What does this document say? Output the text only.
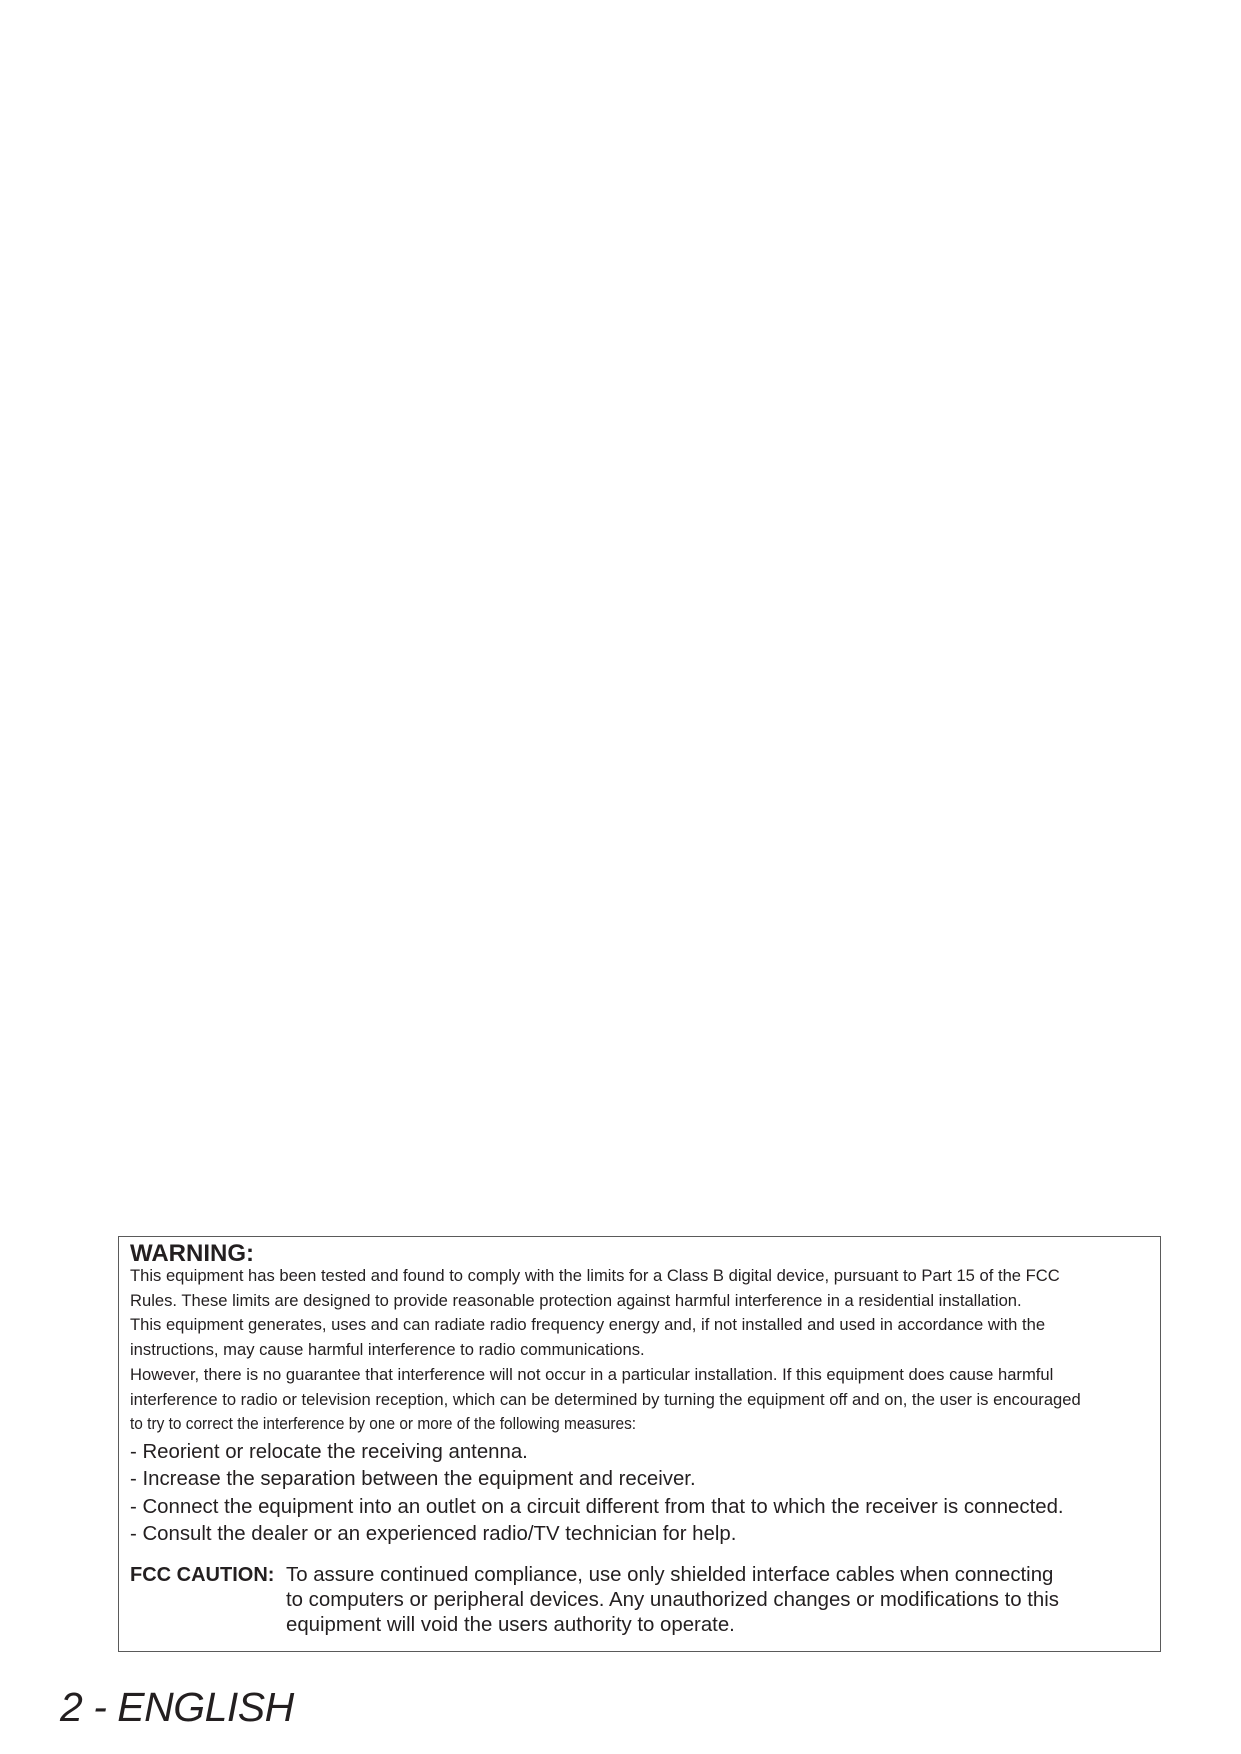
WARNING:
This equipment has been tested and found to comply with the limits for a Class B digital device, pursuant to Part 15 of the FCC
Rules. These limits are designed to provide reasonable protection against harmful interference in a residential installation.
This equipment generates, uses and can radiate radio frequency energy and, if not installed and used in accordance with the
instructions, may cause harmful interference to radio communications.
However, there is no guarantee that interference will not occur in a particular installation. If this equipment does cause harmful
interference to radio or television reception, which can be determined by turning the equipment off and on, the user is encouraged
to try to correct the interference by one or more of the following measures:
- Reorient or relocate the receiving antenna.
- Increase the separation between the equipment and receiver.
- Connect the equipment into an outlet on a circuit different from that to which the receiver is connected.
- Consult the dealer or an experienced radio/TV technician for help.
FCC CAUTION: To assure continued compliance, use only shielded interface cables when connecting
to computers or peripheral devices. Any unauthorized changes or modifications to this
equipment will void the users authority to operate.
2 - ENGLISH
